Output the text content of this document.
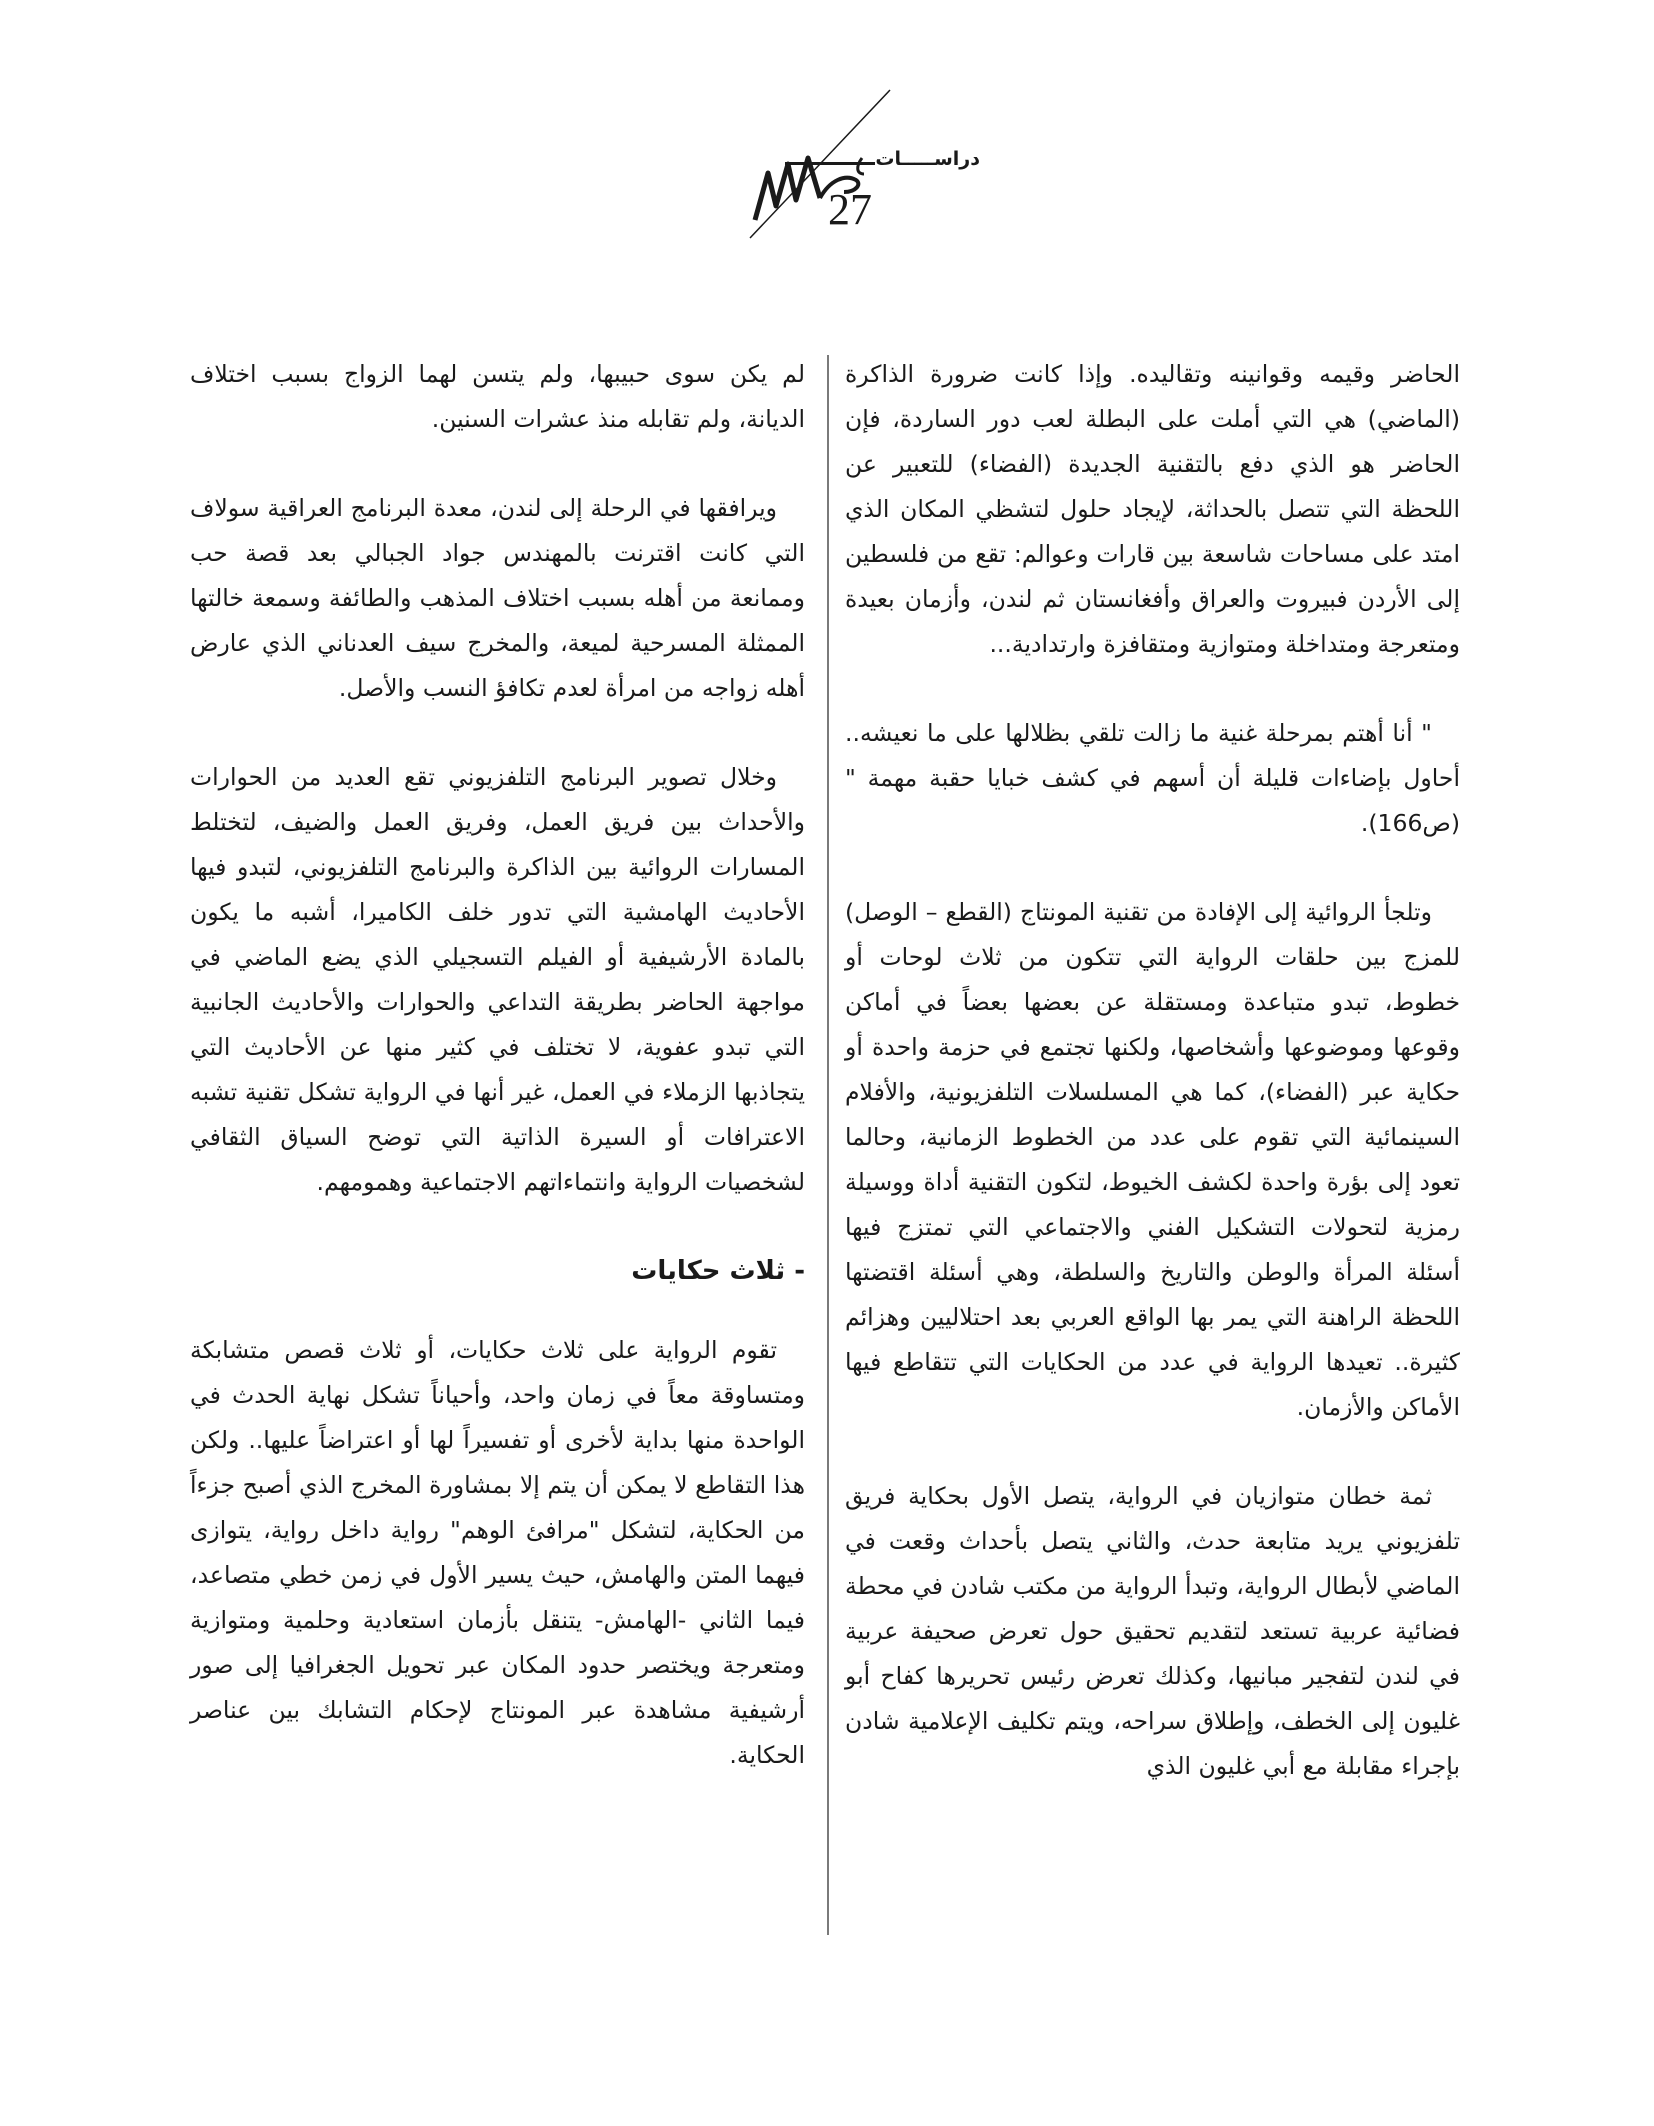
دراســـــات
27

الحاضر وقيمه وقوانينه وتقاليده. وإذا كانت ضرورة الذاكرة (الماضي) هي التي أملت على البطلة لعب دور الساردة، فإن الحاضر هو الذي دفع بالتقنية الجديدة (الفضاء) للتعبير عن اللحظة التي تتصل بالحداثة، لإيجاد حلول لتشظي المكان الذي امتد على مساحات شاسعة بين قارات وعوالم: تقع من فلسطين إلى الأردن فبيروت والعراق وأفغانستان ثم لندن، وأزمان بعيدة ومتعرجة ومتداخلة ومتوازية ومتقافزة وارتدادية...

" أنا أهتم بمرحلة غنية ما زالت تلقي بظلالها على ما نعيشه.. أحاول بإضاءات قليلة أن أسهم في كشف خبايا حقبة مهمة " (ص166).

وتلجأ الروائية إلى الإفادة من تقنية المونتاج (القطع – الوصل) للمزج بين حلقات الرواية التي تتكون من ثلاث لوحات أو خطوط، تبدو متباعدة ومستقلة عن بعضها بعضاً في أماكن وقوعها وموضوعها وأشخاصها، ولكنها تجتمع في حزمة واحدة أو حكاية عبر (الفضاء)، كما هي المسلسلات التلفزيونية، والأفلام السينمائية التي تقوم على عدد من الخطوط الزمانية، وحالما تعود إلى بؤرة واحدة لكشف الخيوط، لتكون التقنية أداة ووسيلة رمزية لتحولات التشكيل الفني والاجتماعي التي تمتزج فيها أسئلة المرأة والوطن والتاريخ والسلطة، وهي أسئلة اقتضتها اللحظة الراهنة التي يمر بها الواقع العربي بعد احتلاليين وهزائم كثيرة.. تعيدها الرواية في عدد من الحكايات التي تتقاطع فيها الأماكن والأزمان.

ثمة خطان متوازيان في الرواية، يتصل الأول بحكاية فريق تلفزيوني يريد متابعة حدث، والثاني يتصل بأحداث وقعت في الماضي لأبطال الرواية، وتبدأ الرواية من مكتب شادن في محطة فضائية عربية تستعد لتقديم تحقيق حول تعرض صحيفة عربية في لندن لتفجير مبانيها، وكذلك تعرض رئيس تحريرها كفاح أبو غليون إلى الخطف، وإطلاق سراحه، ويتم تكليف الإعلامية شادن بإجراء مقابلة مع أبي غليون الذي

لم يكن سوى حبيبها، ولم يتسن لهما الزواج بسبب اختلاف الديانة، ولم تقابله منذ عشرات السنين.

ويرافقها في الرحلة إلى لندن، معدة البرنامج العراقية سولاف التي كانت اقترنت بالمهندس جواد الجبالي بعد قصة حب وممانعة من أهله بسبب اختلاف المذهب والطائفة وسمعة خالتها الممثلة المسرحية لميعة، والمخرج سيف العدناني الذي عارض أهله زواجه من امرأة لعدم تكافؤ النسب والأصل.

وخلال تصوير البرنامج التلفزيوني تقع العديد من الحوارات والأحداث بين فريق العمل، وفريق العمل والضيف، لتختلط المسارات الروائية بين الذاكرة والبرنامج التلفزيوني، لتبدو فيها الأحاديث الهامشية التي تدور خلف الكاميرا، أشبه ما يكون بالمادة الأرشيفية أو الفيلم التسجيلي الذي يضع الماضي في مواجهة الحاضر بطريقة التداعي والحوارات والأحاديث الجانبية التي تبدو عفوية، لا تختلف في كثير منها عن الأحاديث التي يتجاذبها الزملاء في العمل، غير أنها في الرواية تشكل تقنية تشبه الاعترافات أو السيرة الذاتية التي توضح السياق الثقافي لشخصيات الرواية وانتماءاتهم الاجتماعية وهمومهم.

- ثلاث حكايات

تقوم الرواية على ثلاث حكايات، أو ثلاث قصص متشابكة ومتساوقة معاً في زمان واحد، وأحياناً تشكل نهاية الحدث في الواحدة منها بداية لأخرى أو تفسيراً لها أو اعتراضاً عليها.. ولكن هذا التقاطع لا يمكن أن يتم إلا بمشاورة المخرج الذي أصبح جزءاً من الحكاية، لتشكل "مرافئ الوهم" رواية داخل رواية، يتوازى فيهما المتن والهامش، حيث يسير الأول في زمن خطي متصاعد، فيما الثاني -الهامش- يتنقل بأزمان استعادية وحلمية ومتوازية ومتعرجة ويختصر حدود المكان عبر تحويل الجغرافيا إلى صور أرشيفية مشاهدة عبر المونتاج لإحكام التشابك بين عناصر الحكاية.
